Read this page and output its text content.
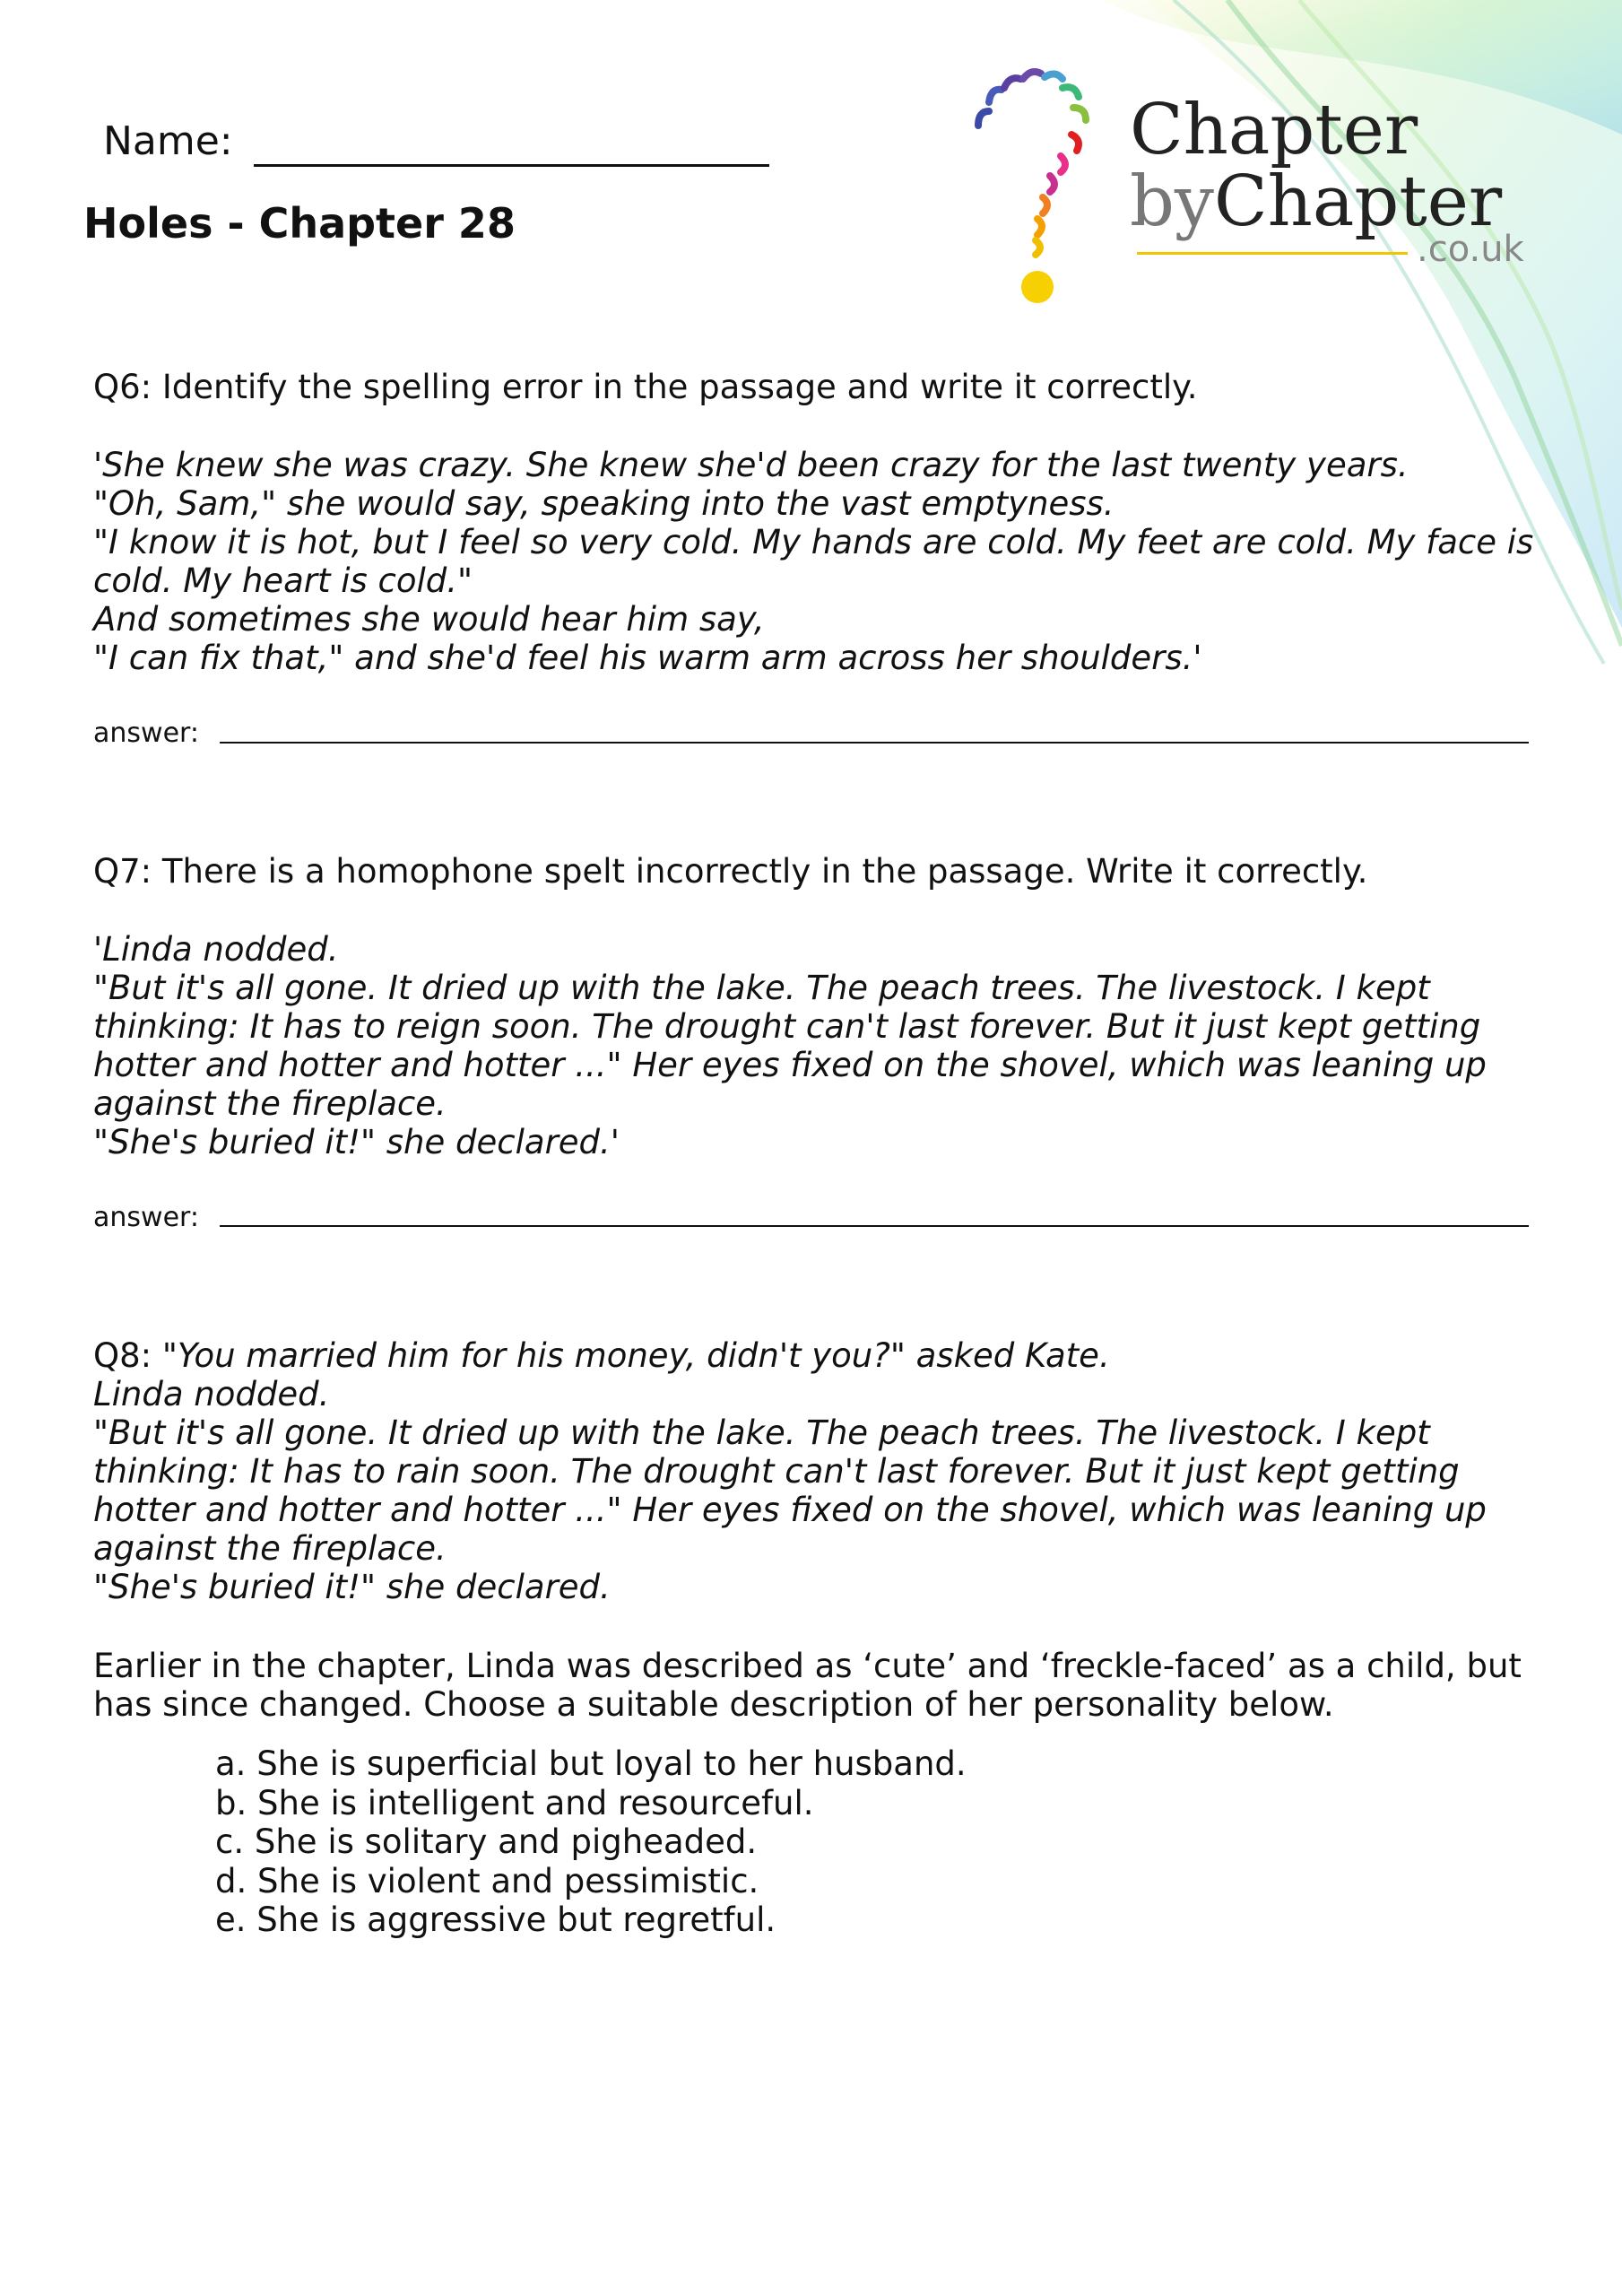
Chapter
byChapter
.co.uk
Name:
Holes - Chapter 28
Q6: Identify the spelling error in the passage and write it correctly.
'She knew she was crazy. She knew she'd been crazy for the last twenty years.
"Oh, Sam," she would say, speaking into the vast emptyness.
"I know it is hot, but I feel so very cold. My hands are cold. My feet are cold. My face is
cold. My heart is cold."
And sometimes she would hear him say,
"I can fix that," and she'd feel his warm arm across her shoulders.'
answer:
Q7: There is a homophone spelt incorrectly in the passage. Write it correctly.
'Linda nodded.
"But it's all gone. It dried up with the lake. The peach trees. The livestock. I kept
thinking: It has to reign soon. The drought can't last forever. But it just kept getting
hotter and hotter and hotter ..." Her eyes fixed on the shovel, which was leaning up
against the fireplace.
"She's buried it!" she declared.'
answer:
Q8: "You married him for his money, didn't you?" asked Kate.
Linda nodded.
"But it's all gone. It dried up with the lake. The peach trees. The livestock. I kept
thinking: It has to rain soon. The drought can't last forever. But it just kept getting
hotter and hotter and hotter ..." Her eyes fixed on the shovel, which was leaning up
against the fireplace.
"She's buried it!" she declared.
Earlier in the chapter, Linda was described as ‘cute’ and ‘freckle-faced’ as a child, but
has since changed. Choose a suitable description of her personality below.
a. She is superficial but loyal to her husband.
b. She is intelligent and resourceful.
c. She is solitary and pigheaded.
d. She is violent and pessimistic.
e. She is aggressive but regretful.
